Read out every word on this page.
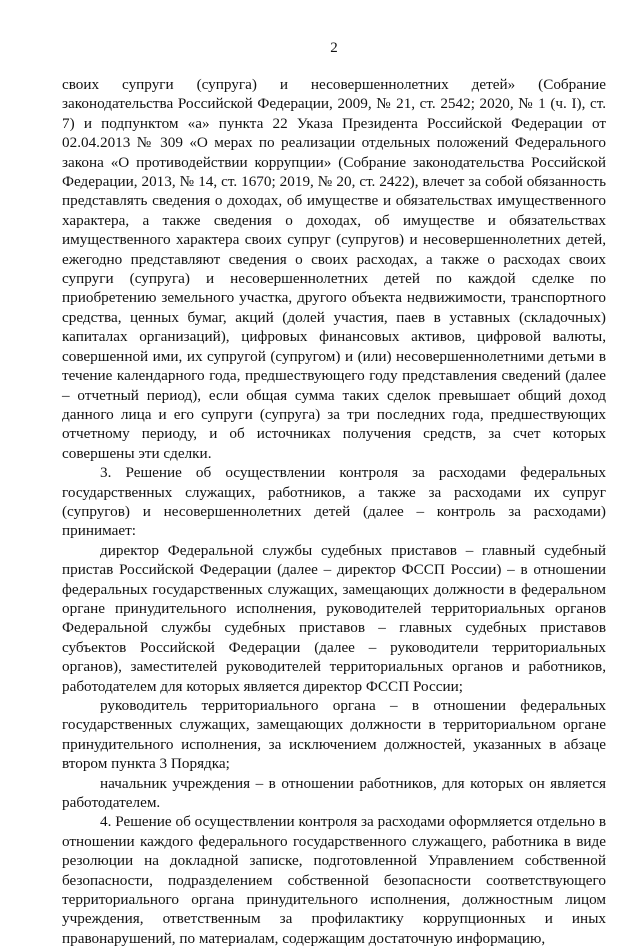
2

своих супруги (супруга) и несовершеннолетних детей» (Собрание законодательства Российской Федерации, 2009, № 21, ст. 2542; 2020, № 1 (ч. I), ст. 7) и подпунктом «а» пункта 22 Указа Президента Российской Федерации от 02.04.2013 № 309 «О мерах по реализации отдельных положений Федерального закона «О противодействии коррупции» (Собрание законодательства Российской Федерации, 2013, № 14, ст. 1670; 2019, № 20, ст. 2422), влечет за собой обязанность представлять сведения о доходах, об имуществе и обязательствах имущественного характера, а также сведения о доходах, об имуществе и обязательствах имущественного характера своих супруг (супругов) и несовершеннолетних детей, ежегодно представляют сведения о своих расходах, а также о расходах своих супруги (супруга) и несовершеннолетних детей по каждой сделке по приобретению земельного участка, другого объекта недвижимости, транспортного средства, ценных бумаг, акций (долей участия, паев в уставных (складочных) капиталах организаций), цифровых финансовых активов, цифровой валюты, совершенной ими, их супругой (супругом) и (или) несовершеннолетними детьми в течение календарного года, предшествующего году представления сведений (далее – отчетный период), если общая сумма таких сделок превышает общий доход данного лица и его супруги (супруга) за три последних года, предшествующих отчетному периоду, и об источниках получения средств, за счет которых совершены эти сделки.

3. Решение об осуществлении контроля за расходами федеральных государственных служащих, работников, а также за расходами их супруг (супругов) и несовершеннолетних детей (далее – контроль за расходами) принимает:

директор Федеральной службы судебных приставов – главный судебный пристав Российской Федерации (далее – директор ФССП России) – в отношении федеральных государственных служащих, замещающих должности в федеральном органе принудительного исполнения, руководителей территориальных органов Федеральной службы судебных приставов – главных судебных приставов субъектов Российской Федерации (далее – руководители территориальных органов), заместителей руководителей территориальных органов и работников, работодателем для которых является директор ФССП России;

руководитель территориального органа – в отношении федеральных государственных служащих, замещающих должности в территориальном органе принудительного исполнения, за исключением должностей, указанных в абзаце втором пункта 3 Порядка;

начальник учреждения – в отношении работников, для которых он является работодателем.

4. Решение об осуществлении контроля за расходами оформляется отдельно в отношении каждого федерального государственного служащего, работника в виде резолюции на докладной записке, подготовленной Управлением собственной безопасности, подразделением собственной безопасности соответствующего территориального органа принудительного исполнения, должностным лицом учреждения, ответственным за профилактику коррупционных и иных правонарушений, по материалам, содержащим достаточную информацию,
